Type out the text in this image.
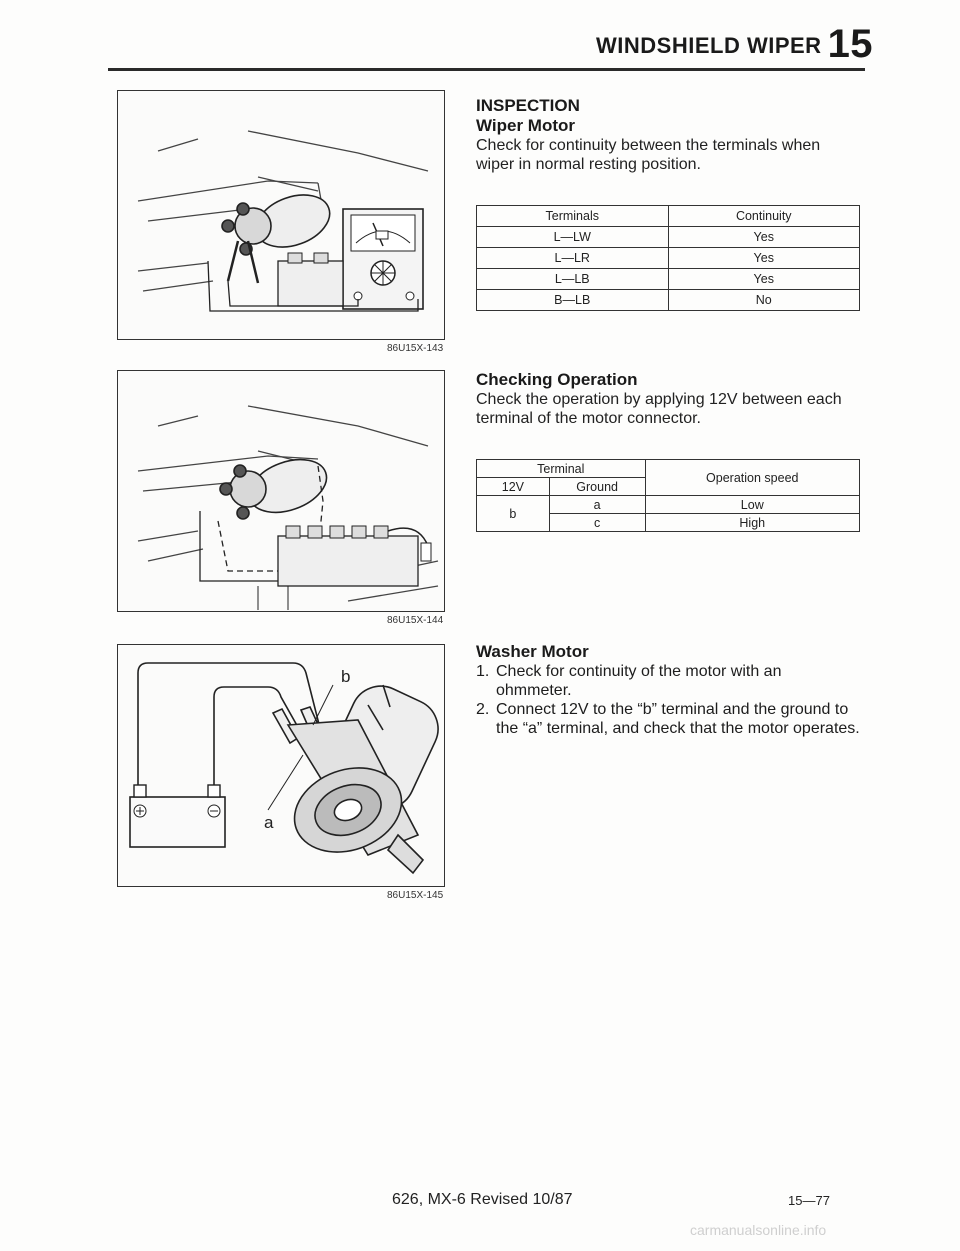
WINDSHIELD WIPER 15
86U15X-143
86U15X-144
b
a
86U15X-145
INSPECTION
Wiper Motor
Check for continuity between the terminals when wiper in normal resting position.
Terminals	Continuity
L—LW	Yes
L—LR	Yes
L—LB	Yes
B—LB	No
Checking Operation
Check the operation by applying 12V between each terminal of the motor connector.
Terminal		Operation speed
12V	Ground	
b	a	Low
	c	High
Washer Motor
1. Check for continuity of the motor with an ohmmeter.
2. Connect 12V to the “b” terminal and the ground to the “a” terminal, and check that the motor operates.
626, MX-6 Revised 10/87	15—77
carmanualsonline.info
